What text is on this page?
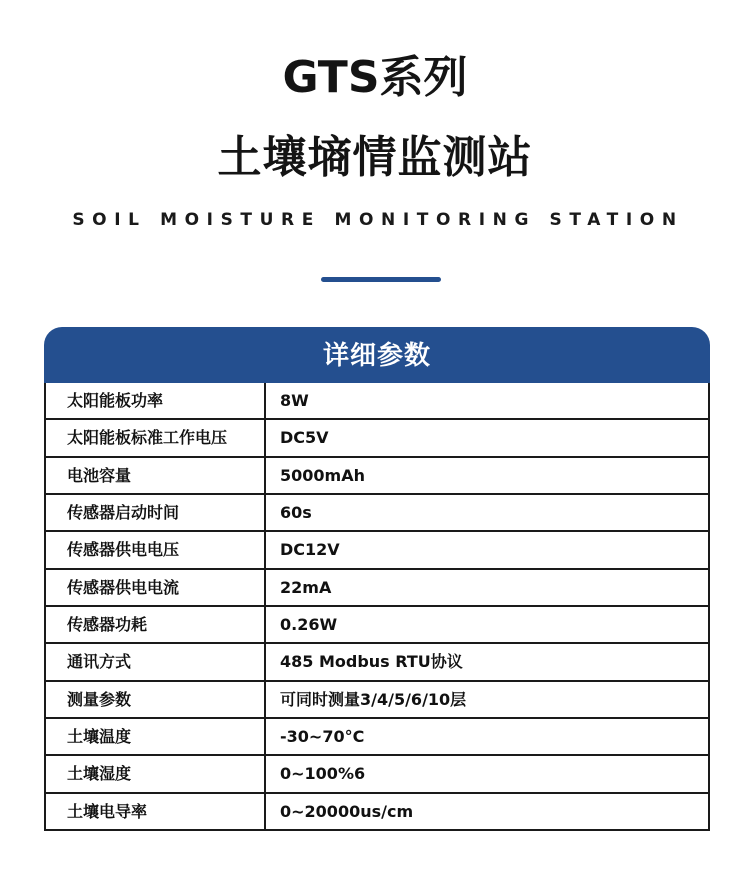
GTS系列
土壤墒情监测站
SOIL MOISTURE MONITORING STATION
详细参数
太阳能板功率	8W
太阳能板标准工作电压	DC5V
电池容量	5000mAh
传感器启动时间	60s
传感器供电电压	DC12V
传感器供电电流	22mA
传感器功耗	0.26W
通讯方式	485 Modbus RTU协议
测量参数	可同时测量3/4/5/6/10层
土壤温度	-30~70°C
土壤湿度	0~100%6
土壤电导率	0~20000us/cm
